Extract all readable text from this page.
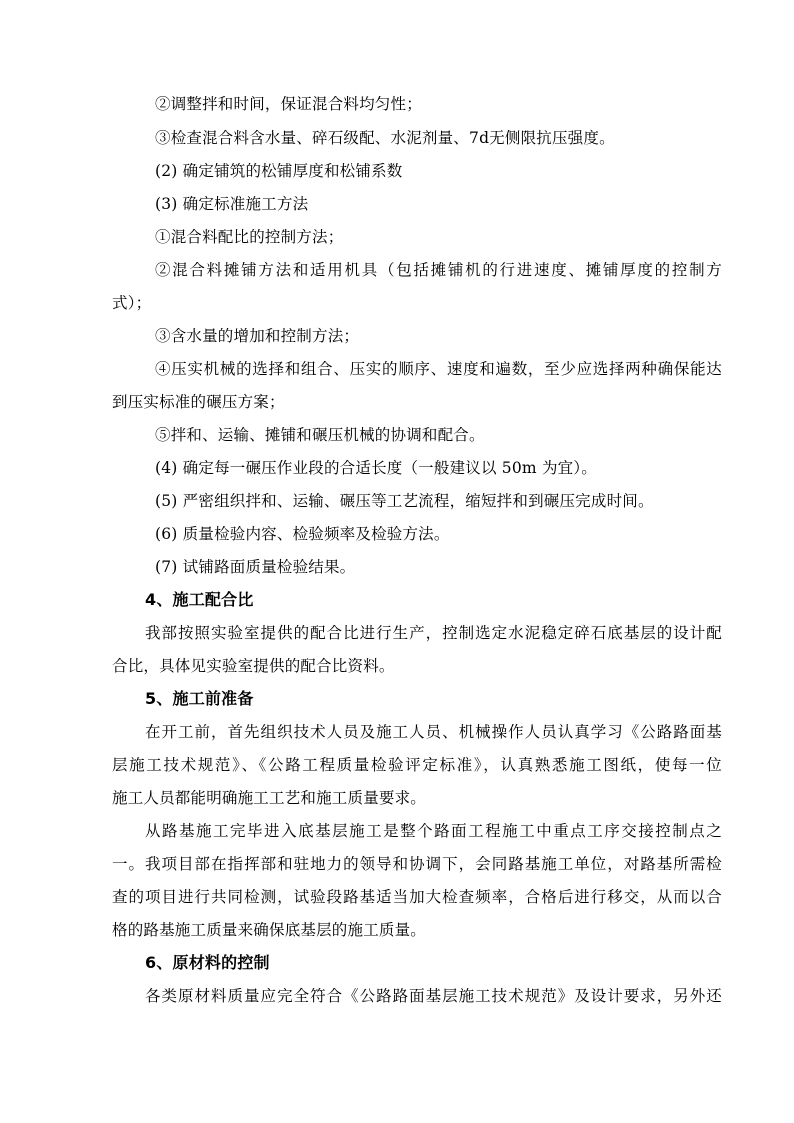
②调整拌和时间，保证混合料均匀性；
③检查混合料含水量、碎石级配、水泥剂量、7d无侧限抗压强度。
(2) 确定铺筑的松铺厚度和松铺系数
(3) 确定标准施工方法
①混合料配比的控制方法；
②混合料摊铺方法和适用机具（包括摊铺机的行进速度、摊铺厚度的控制方
式）；
③含水量的增加和控制方法；
④压实机械的选择和组合、压实的顺序、速度和遍数，至少应选择两种确保能达
到压实标准的碾压方案；
⑤拌和、运输、摊铺和碾压机械的协调和配合。
(4) 确定每一碾压作业段的合适长度（一般建议以 50m 为宜）。
(5) 严密组织拌和、运输、碾压等工艺流程，缩短拌和到碾压完成时间。
(6) 质量检验内容、检验频率及检验方法。
(7) 试铺路面质量检验结果。
4、施工配合比
我部按照实验室提供的配合比进行生产，控制选定水泥稳定碎石底基层的设计配
合比，具体见实验室提供的配合比资料。
5、施工前准备
在开工前，首先组织技术人员及施工人员、机械操作人员认真学习《公路路面基
层施工技术规范》、《公路工程质量检验评定标准》，认真熟悉施工图纸，使每一位
施工人员都能明确施工工艺和施工质量要求。
从路基施工完毕进入底基层施工是整个路面工程施工中重点工序交接控制点之
一。我项目部在指挥部和驻地力的领导和协调下，会同路基施工单位，对路基所需检
查的项目进行共同检测，试验段路基适当加大检查频率，合格后进行移交，从而以合
格的路基施工质量来确保底基层的施工质量。
6、原材料的控制
各类原材料质量应完全符合《公路路面基层施工技术规范》及设计要求，另外还
